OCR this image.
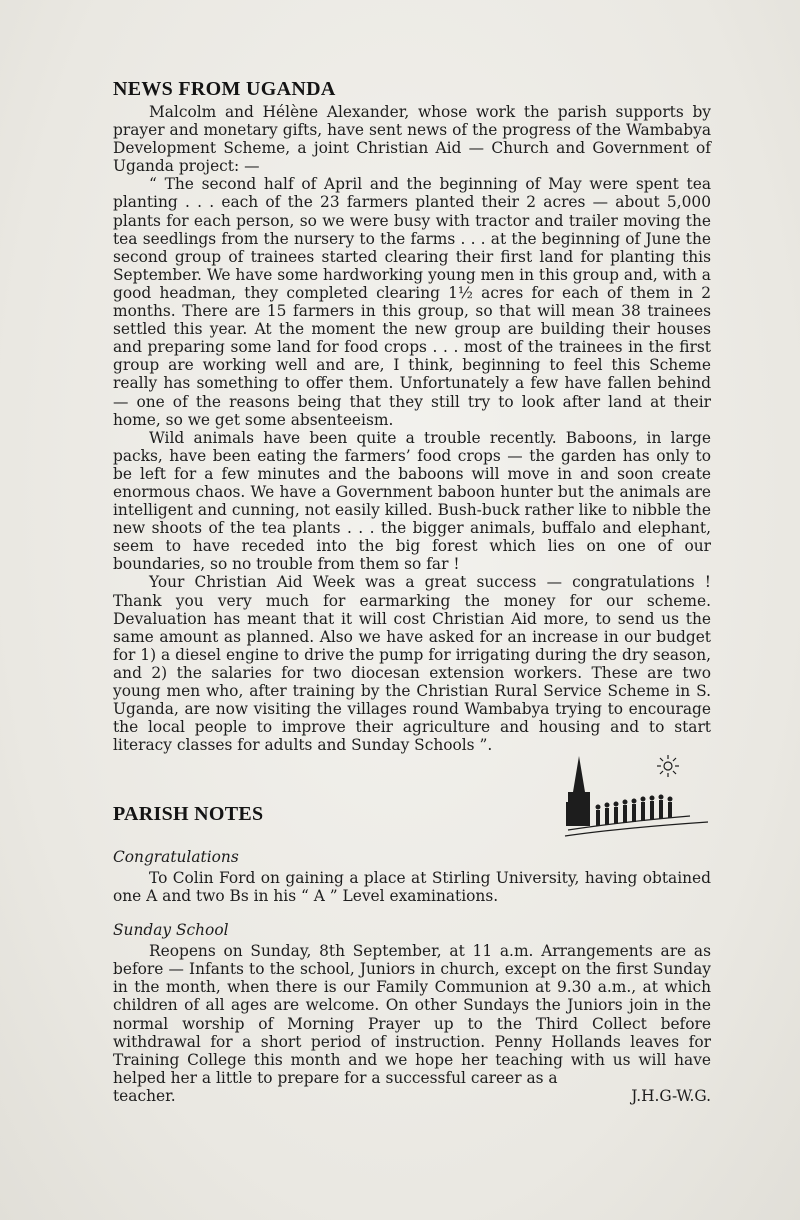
NEWS FROM UGANDA

Malcolm and Hélène Alexander, whose work the parish supports by prayer and monetary gifts, have sent news of the progress of the Wambabya Development Scheme, a joint Christian Aid — Church and Government of Uganda project: —

“ The second half of April and the beginning of May were spent tea planting . . . each of the 23 farmers planted their 2 acres — about 5,000 plants for each person, so we were busy with tractor and trailer moving the tea seedlings from the nursery to the farms . . . at the beginning of June the second group of trainees started clearing their first land for planting this September. We have some hardworking young men in this group and, with a good headman, they completed clearing 1½ acres for each of them in 2 months. There are 15 farmers in this group, so that will mean 38 trainees settled this year. At the moment the new group are building their houses and preparing some land for food crops . . . most of the trainees in the first group are working well and are, I think, beginning to feel this Scheme really has something to offer them. Unfortunately a few have fallen behind — one of the reasons being that they still try to look after land at their home, so we get some absenteeism.

Wild animals have been quite a trouble recently. Baboons, in large packs, have been eating the farmers’ food crops — the garden has only to be left for a few minutes and the baboons will move in and soon create enormous chaos. We have a Government baboon hunter but the animals are intelligent and cunning, not easily killed. Bush-buck rather like to nibble the new shoots of the tea plants . . . the bigger animals, buffalo and elephant, seem to have receded into the big forest which lies on one of our boundaries, so no trouble from them so far !

Your Christian Aid Week was a great success — congratulations ! Thank you very much for earmarking the money for our scheme. Devaluation has meant that it will cost Christian Aid more, to send us the same amount as planned. Also we have asked for an increase in our budget for 1) a diesel engine to drive the pump for irrigating during the dry season, and 2) the salaries for two diocesan extension workers. These are two young men who, after training by the Christian Rural Service Scheme in S. Uganda, are now visiting the villages round Wambabya trying to encourage the local people to improve their agriculture and housing and to start literacy classes for adults and Sunday Schools ”.

PARISH NOTES

Congratulations

To Colin Ford on gaining a place at Stirling University, having obtained one A and two Bs in his “ A ” Level examinations.

Sunday School

Reopens on Sunday, 8th September, at 11 a.m. Arrangements are as before — Infants to the school, Juniors in church, except on the first Sunday in the month, when there is our Family Communion at 9.30 a.m., at which children of all ages are welcome. On other Sundays the Juniors join in the normal worship of Morning Prayer up to the Third Collect before withdrawal for a short period of instruction. Penny Hollands leaves for Training College this month and we hope her teaching with us will have helped her a little to prepare for a successful career as a

teacher.	J.H.G-W.G.
